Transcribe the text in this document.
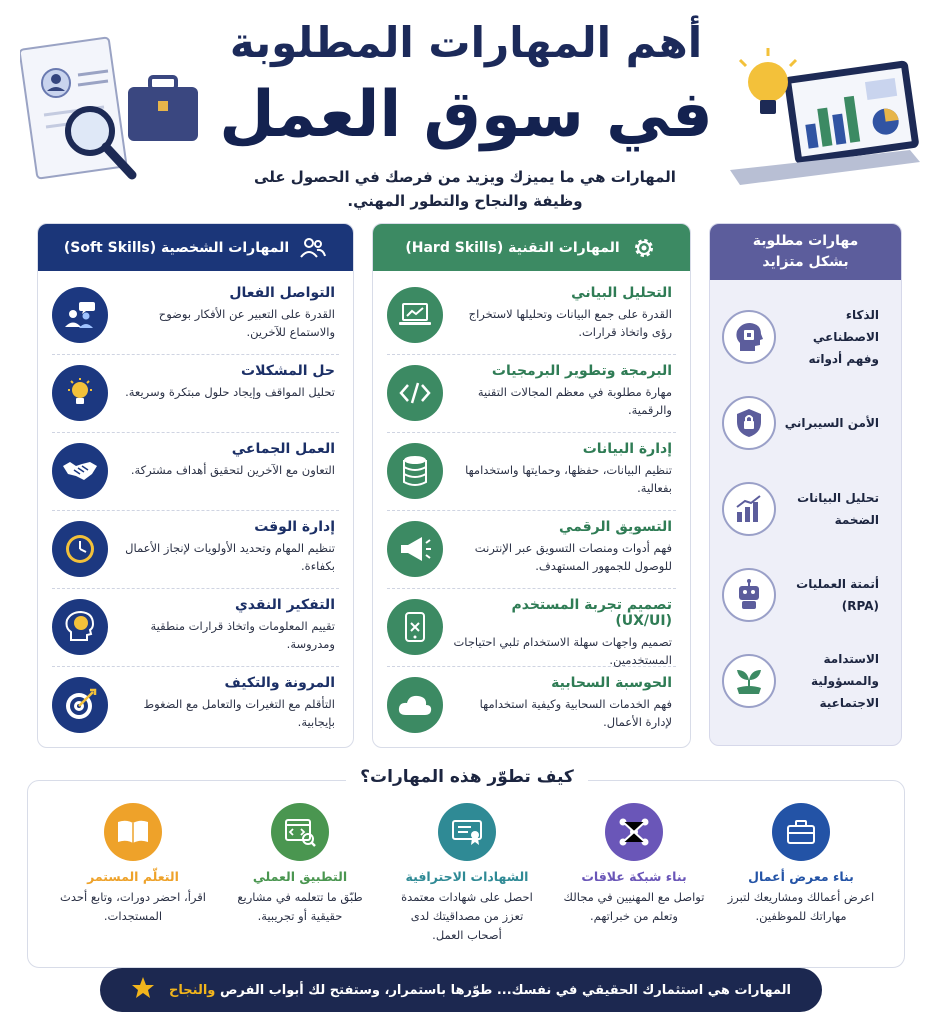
أهم المهارات المطلوبة
في سوق العمل
المهارات هي ما يميزك ويزيد من فرصك في الحصول على وظيفة والنجاح والتطور المهني.
المهارات الشخصية (Soft Skills)
التواصل الفعال
القدرة على التعبير عن الأفكار بوضوح والاستماع للآخرين.
حل المشكلات
تحليل المواقف وإيجاد حلول مبتكرة وسريعة.
العمل الجماعي
التعاون مع الآخرين لتحقيق أهداف مشتركة.
إدارة الوقت
تنظيم المهام وتحديد الأولويات لإنجاز الأعمال بكفاءة.
التفكير النقدي
تقييم المعلومات واتخاذ قرارات منطقية ومدروسة.
المرونة والتكيف
التأقلم مع التغيرات والتعامل مع الضغوط بإيجابية.
المهارات التقنية (Hard Skills)
التحليل البياني
القدرة على جمع البيانات وتحليلها لاستخراج رؤى واتخاذ قرارات.
البرمجة وتطوير البرمجيات
مهارة مطلوبة في معظم المجالات التقنية والرقمية.
إدارة البيانات
تنظيم البيانات، حفظها، وحمايتها واستخدامها بفعالية.
التسويق الرقمي
فهم أدوات ومنصات التسويق عبر الإنترنت للوصول للجمهور المستهدف.
تصميم تجربة المستخدم (UX/UI)
تصميم واجهات سهلة الاستخدام تلبي احتياجات المستخدمين.
الحوسبة السحابية
فهم الخدمات السحابية وكيفية استخدامها لإدارة الأعمال.
مهارات مطلوبة
بشكل متزايد
الذكاء الاصطناعي وفهم أدواته
الأمن السيبراني
تحليل البيانات الضخمة
أتمتة العمليات (RPA)
الاستدامة والمسؤولية الاجتماعية
كيف تطوّر هذه المهارات؟
بناء معرض أعمال
اعرض أعمالك ومشاريعك لتبرز مهاراتك للموظفين.
بناء شبكة علاقات
تواصل مع المهنيين في مجالك وتعلم من خبراتهم.
الشهادات الاحترافية
احصل على شهادات معتمدة تعزز من مصداقيتك لدى أصحاب العمل.
التطبيق العملي
طبّق ما تتعلمه في مشاريع حقيقية أو تجريبية.
التعلّم المستمر
اقرأ، احضر دورات، وتابع أحدث المستجدات.
المهارات هي استثمارك الحقيقي في نفسك... طوّرها باستمرار، وستفتح لك أبواب الفرص والنجاح
